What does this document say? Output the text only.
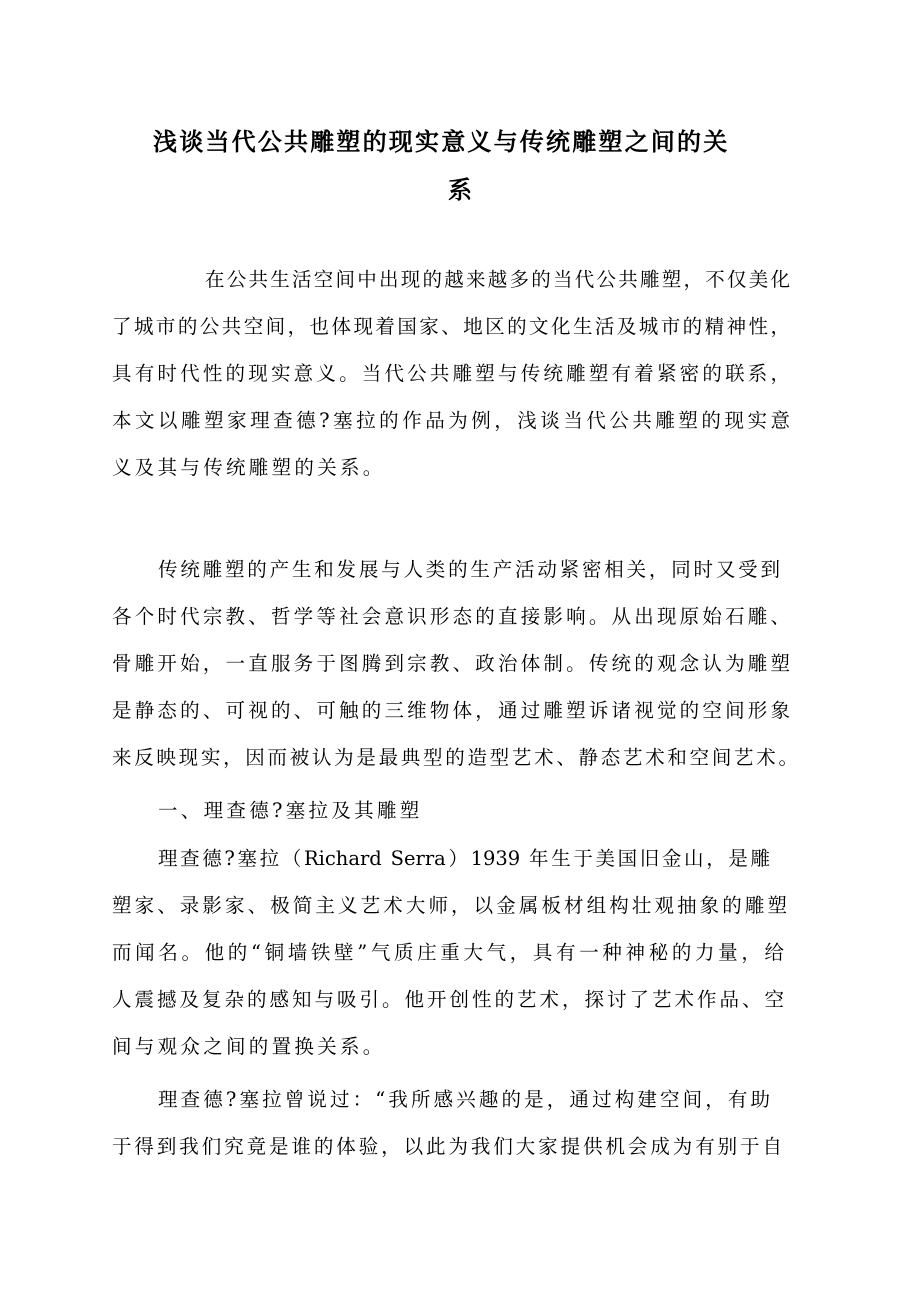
浅谈当代公共雕塑的现实意义与传统雕塑之间的关
系
在公共生活空间中出现的越来越多的当代公共雕塑，不仅美化
了城市的公共空间，也体现着国家、地区的文化生活及城市的精神性，
具有时代性的现实意义。当代公共雕塑与传统雕塑有着紧密的联系，
本文以雕塑家理查德?塞拉的作品为例，浅谈当代公共雕塑的现实意
义及其与传统雕塑的关系。
传统雕塑的产生和发展与人类的生产活动紧密相关，同时又受到
各个时代宗教、哲学等社会意识形态的直接影响。从出现原始石雕、
骨雕开始，一直服务于图腾到宗教、政治体制。传统的观念认为雕塑
是静态的、可视的、可触的三维物体，通过雕塑诉诸视觉的空间形象
来反映现实，因而被认为是最典型的造型艺术、静态艺术和空间艺术。
一、理查德?塞拉及其雕塑
理查德?塞拉（Richard Serra）1939 年生于美国旧金山，是雕
塑家、录影家、极简主义艺术大师，以金属板材组构壮观抽象的雕塑
而闻名。他的“铜墙铁壁”气质庄重大气，具有一种神秘的力量，给
人震撼及复杂的感知与吸引。他开创性的艺术，探讨了艺术作品、空
间与观众之间的置换关系。
理查德?塞拉曾说过：“我所感兴趣的是，通过构建空间，有助
于得到我们究竟是谁的体验，以此为我们大家提供机会成为有别于自
